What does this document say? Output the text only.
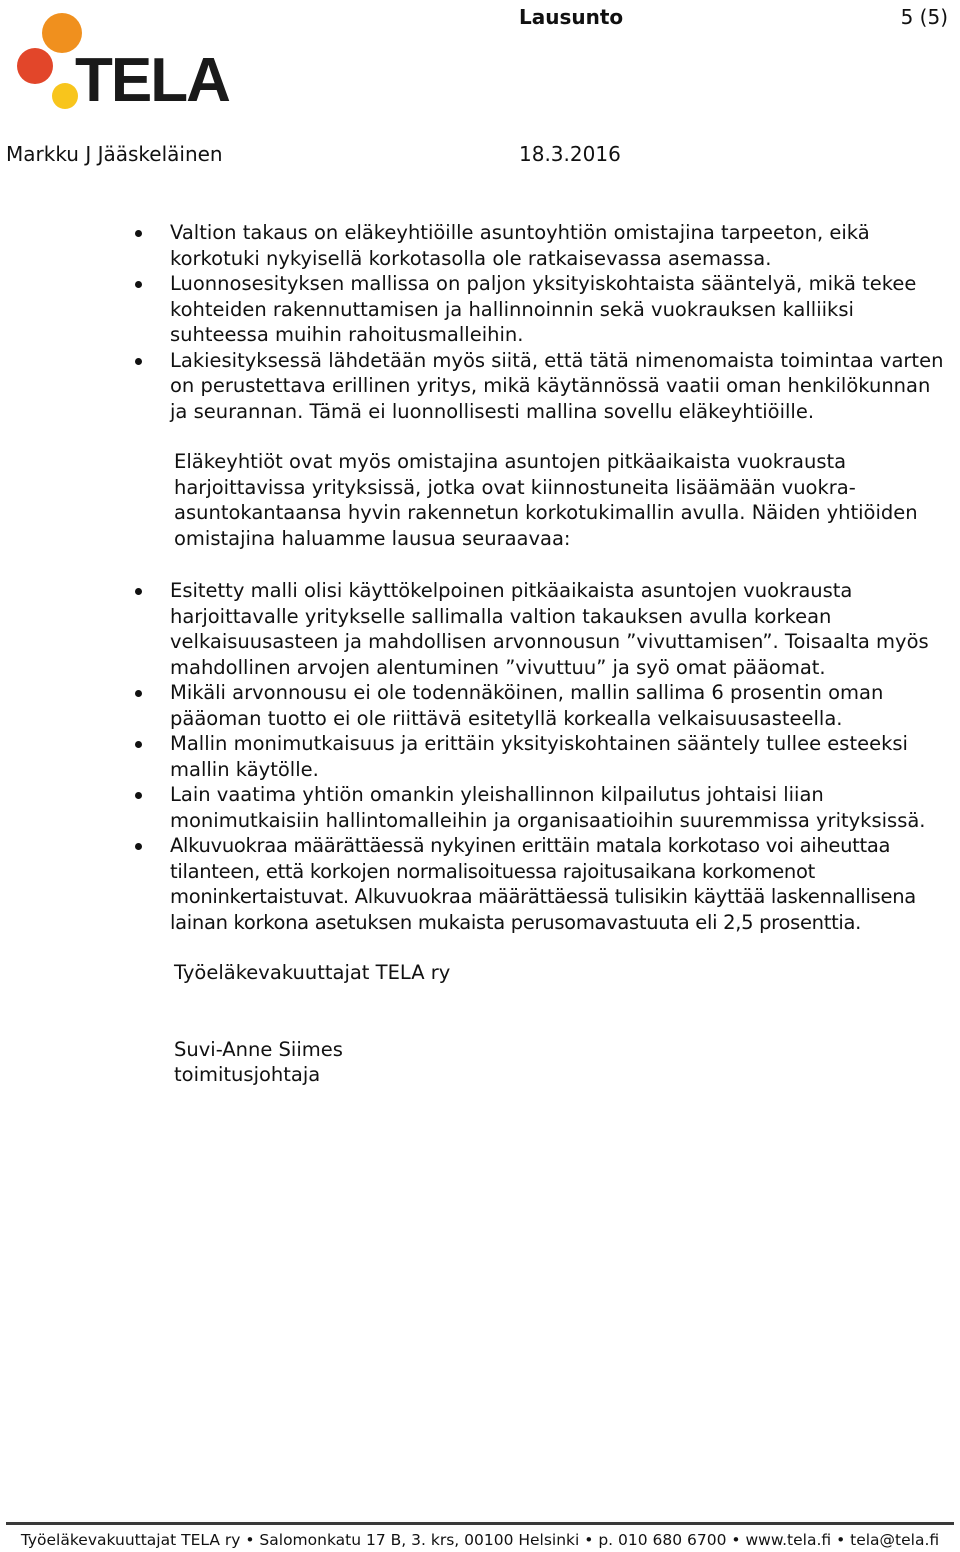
TELA
Lausunto	5 (5)
Markku J Jääskeläinen	18.3.2016
Valtion takaus on eläkeyhtiöille asuntoyhtiön omistajina tarpeeton, eikä korkotuki nykyisellä korkotasolla ole ratkaisevassa asemassa.
Luonnosesityksen mallissa on paljon yksityiskohtaista sääntelyä, mikä tekee kohteiden rakennuttamisen ja hallinnoinnin sekä vuokrauksen kalliiksi suhteessa muihin rahoitusmalleihin.
Lakiesityksessä lähdetään myös siitä, että tätä nimenomaista toimintaa varten on perustettava erillinen yritys, mikä käytännössä vaatii oman henkilökunnan ja seurannan. Tämä ei luonnollisesti mallina sovellu eläkeyhtiöille.

Eläkeyhtiöt ovat myös omistajina asuntojen pitkäaikaista vuokrausta harjoittavissa yrityksissä, jotka ovat kiinnostuneita lisäämään vuokra-asuntokantaansa hyvin rakennetun korkotukimallin avulla. Näiden yhtiöiden omistajina haluamme lausua seuraavaa:

Esitetty malli olisi käyttökelpoinen pitkäaikaista asuntojen vuokrausta harjoittavalle yritykselle sallimalla valtion takauksen avulla korkean velkaisuusasteen ja mahdollisen arvonnousun ”vivuttamisen”. Toisaalta myös mahdollinen arvojen alentuminen ”vivuttuu” ja syö omat pääomat.
Mikäli arvonnousu ei ole todennäköinen, mallin sallima 6 prosentin oman pääoman tuotto ei ole riittävä esitetyllä korkealla velkaisuusasteella.
Mallin monimutkaisuus ja erittäin yksityiskohtainen sääntely tullee esteeksi mallin käytölle.
Lain vaatima yhtiön omankin yleishallinnon kilpailutus johtaisi liian monimutkaisiin hallintomalleihin ja organisaatioihin suuremmissa yrityksissä.
Alkuvuokraa määrättäessä nykyinen erittäin matala korkotaso voi aiheuttaa tilanteen, että korkojen normalisoituessa rajoitusaikana korkomenot moninkertaistuvat. Alkuvuokraa määrättäessä tulisikin käyttää laskennallisena lainan korkona asetuksen mukaista perusomavastuuta eli 2,5 prosenttia.

Työeläkevakuuttajat TELA ry

Suvi-Anne Siimes

toimitusjohtaja

Työeläkevakuuttajat TELA ry • Salomonkatu 17 B, 3. krs, 00100 Helsinki • p. 010 680 6700 • www.tela.fi • tela@tela.fi
